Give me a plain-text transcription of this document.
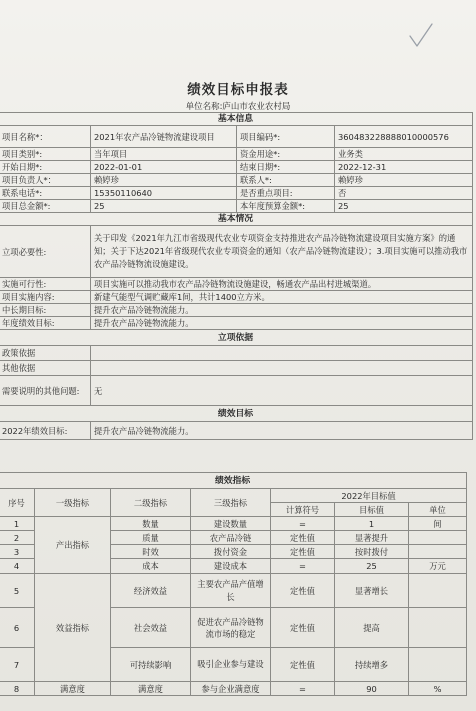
绩效目标申报表
单位名称:庐山市农业农村局
基本信息			
项目名称*：	2021年农产品冷链物流建设项目	项目编码*:	360483228888010000576
项目类别*:	当年项目	资金用途*:	业务类
开始日期*:	2022-01-01	结束日期*:	2022-12-31
项目负责人*：	赖婷珍	联系人*:	赖婷珍
联系电话*:	15350110640	是否重点项目:	否
项目总金额*:	25	本年度预算金额*:	25
基本情况			
立项必要性:	关于印发《2021年九江市省级现代农业专项资金支持推进农产品冷链物流建设项目实施方案》的通知；关于下达2021年省级现代农业专项资金的通知（农产品冷链物流建设）；3.项目实施可以推动我市农产品冷链物流设施建设。		
实施可行性:	项目实施可以推动我市农产品冷链物流设施建设，畅通农产品出村进城渠道。		
项目实施内容:	新建气能型气调贮藏库1间，共计1400立方米。		
中长期目标:	提升农产品冷链物流能力。		
年度绩效目标:	提升农产品冷链物流能力。		
立项依据			
政策依据			
其他依据			
需要说明的其他问题:	无		
绩效目标			
2022年绩效目标:	提升农产品冷链物流能力。		
绩效指标						
序号	一级指标	二级指标	三级指标	2022年目标值		
				计算符号	目标值	单位
1	产出指标	数量	建设数量	=	1	间
2		质量	农产品冷链	定性值	显著提升	
3		时效	拨付资金	定性值	按时拨付	
4		成本	建设成本	=	25	万元
5	效益指标	经济效益	主要农产品产值增长	定性值	显著增长	
6		社会效益	促进农产品冷链物流市场的稳定	定性值	提高	
7		可持续影响	吸引企业参与建设	定性值	持续增多	
8	满意度	满意度	参与企业满意度	=	90	%
